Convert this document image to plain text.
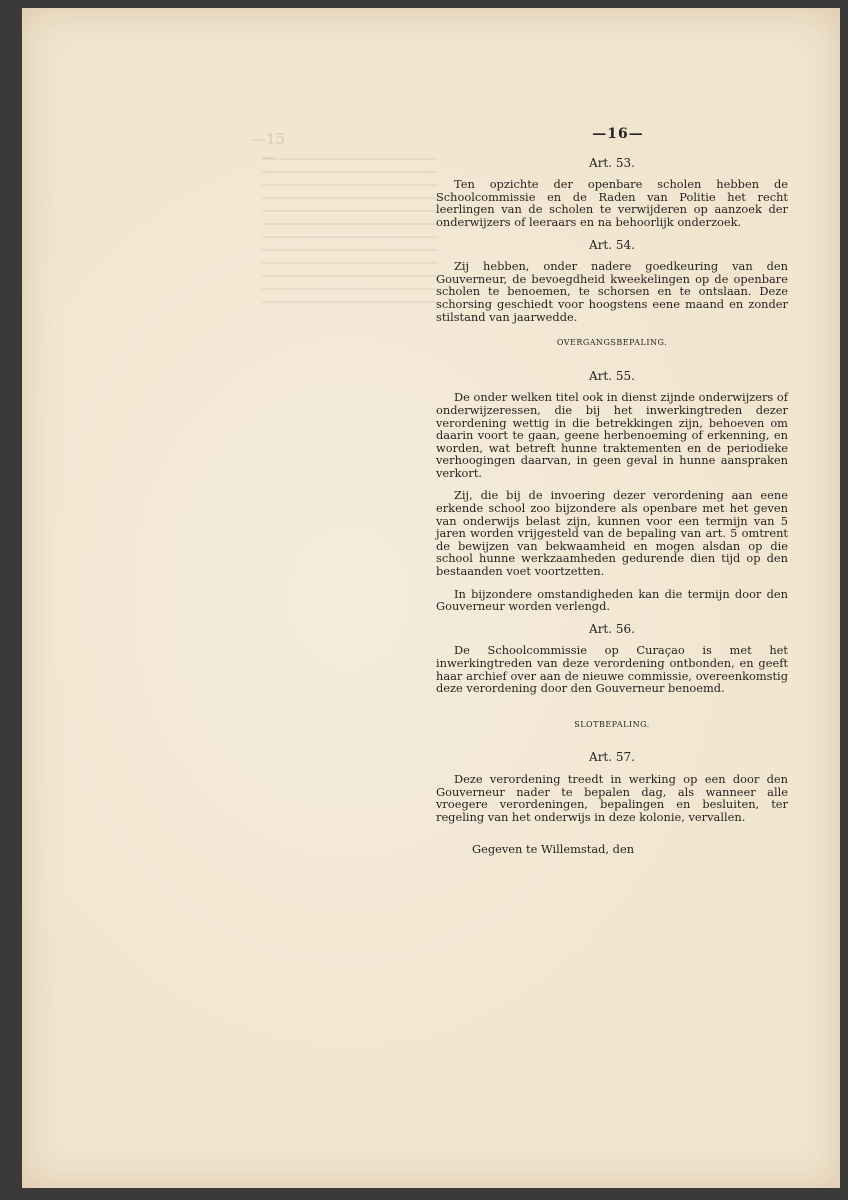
—15—
—16—
Art. 53.

Ten opzichte der openbare scholen hebben de Schoolcommissie en de Raden van Politie het recht leerlingen van de scholen te verwijderen op aanzoek der onderwijzers of leeraars en na behoorlijk onderzoek.

Art. 54.

Zij hebben, onder nadere goedkeuring van den Gouverneur, de bevoegdheid kweekelingen op de openbare scholen te benoemen, te schorsen en te ontslaan. Deze schorsing geschiedt voor hoogstens eene maand en zonder stilstand van jaarwedde.

OVERGANGSBEPALING.
Art. 55.

De onder welken titel ook in dienst zijnde onderwijzers of onderwijzeressen, die bij het inwerkingtreden dezer verordening wettig in die betrekkingen zijn, behoeven om daarin voort te gaan, geene herbenoeming of erkenning, en worden, wat betreft hunne traktementen en de periodieke verhoogingen daarvan, in geen geval in hunne aanspraken verkort.

Zij, die bij de invoering dezer verordening aan eene erkende school zoo bijzondere als openbare met het geven van onderwijs belast zijn, kunnen voor een termijn van 5 jaren worden vrijgesteld van de bepaling van art. 5 omtrent de bewijzen van bekwaamheid en mogen alsdan op die school hunne werkzaamheden gedurende dien tijd op den bestaanden voet voortzetten.

In bijzondere omstandigheden kan die termijn door den Gouverneur worden verlengd.

Art. 56.

De Schoolcommissie op Curaçao is met het inwerkingtreden van deze verordening ontbonden, en geeft haar archief over aan de nieuwe commissie, overeenkomstig deze verordening door den Gouverneur benoemd.

SLOTBEPALING.
Art. 57.

Deze verordening treedt in werking op een door den Gouverneur nader te bepalen dag, als wanneer alle vroegere verordeningen, bepalingen en besluiten, ter regeling van het onderwijs in deze kolonie, vervallen.

Gegeven te Willemstad, den
